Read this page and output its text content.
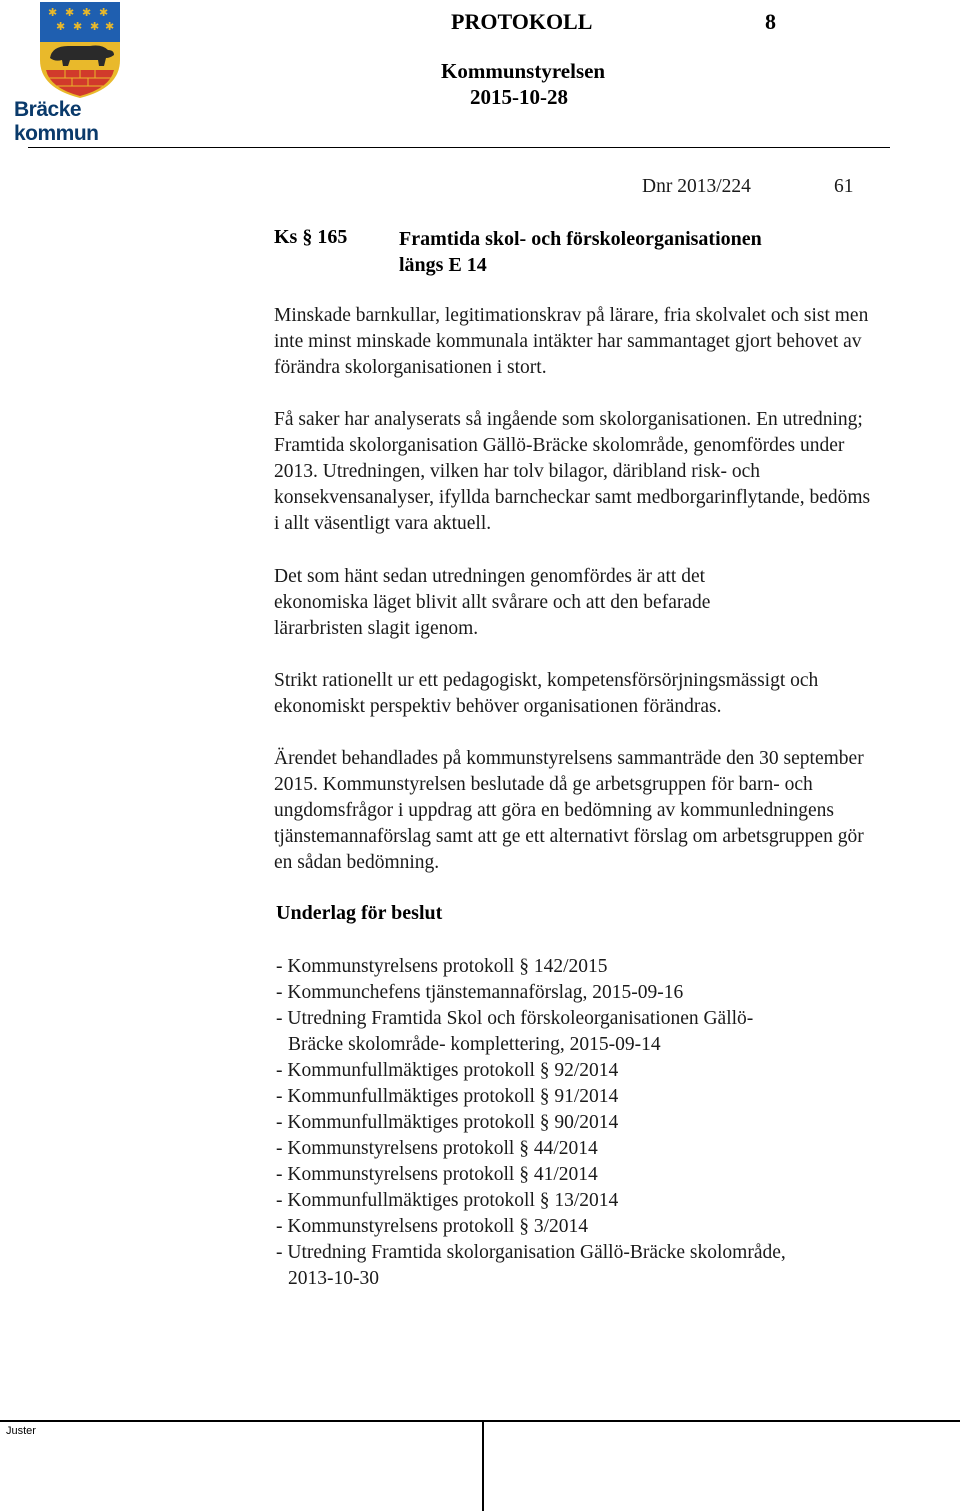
✱ ✱ ✱ ✱
✱ ✱ ✱ ✱
Bräcke kommun
PROTOKOLL	8
Kommunstyrelsen
2015-10-28
Dnr 2013/224	61
Ks § 165	Framtida skol- och förskoleorganisationen
längs E 14

Minskade barnkullar, legitimationskrav på lärare, fria skolvalet och sist men inte minst minskade kommunala intäkter har sammantaget gjort behovet av förändra skolorganisationen i stort.

Få saker har analyserats så ingående som skolorganisationen. En utredning; Framtida skolorganisation Gällö-Bräcke skolområde, genomfördes under 2013. Utredningen, vilken har tolv bilagor, däribland risk- och konsekvensanalyser, ifyllda barncheckar samt medborgarinflytande, bedöms i allt väsentligt vara aktuell.

Det som hänt sedan utredningen genomfördes är att det ekonomiska läget blivit allt svårare och att den befarade lärarbristen slagit igenom.

Strikt rationellt ur ett pedagogiskt, kompetensförsörjningsmässigt och ekonomiskt perspektiv behöver organisationen förändras.

Ärendet behandlades på kommunstyrelsens sammanträde den 30 september 2015. Kommunstyrelsen beslutade då ge arbetsgruppen för barn- och ungdomsfrågor i uppdrag att göra en bedömning av kommunledningens tjänstemannaförslag samt att ge ett alternativt förslag om arbetsgruppen gör en sådan bedömning.

Underlag för beslut
- Kommunstyrelsens protokoll § 142/2015
- Kommunchefens tjänstemannaförslag, 2015-09-16
- Utredning Framtida Skol och förskoleorganisationen Gällö-
Bräcke skolområde- komplettering, 2015-09-14
- Kommunfullmäktiges protokoll § 92/2014
- Kommunfullmäktiges protokoll § 91/2014
- Kommunfullmäktiges protokoll § 90/2014
- Kommunstyrelsens protokoll § 44/2014
- Kommunstyrelsens protokoll § 41/2014
- Kommunfullmäktiges protokoll § 13/2014
- Kommunstyrelsens protokoll § 3/2014
- Utredning Framtida skolorganisation Gällö-Bräcke skolområde,
2013-10-30
Juster
